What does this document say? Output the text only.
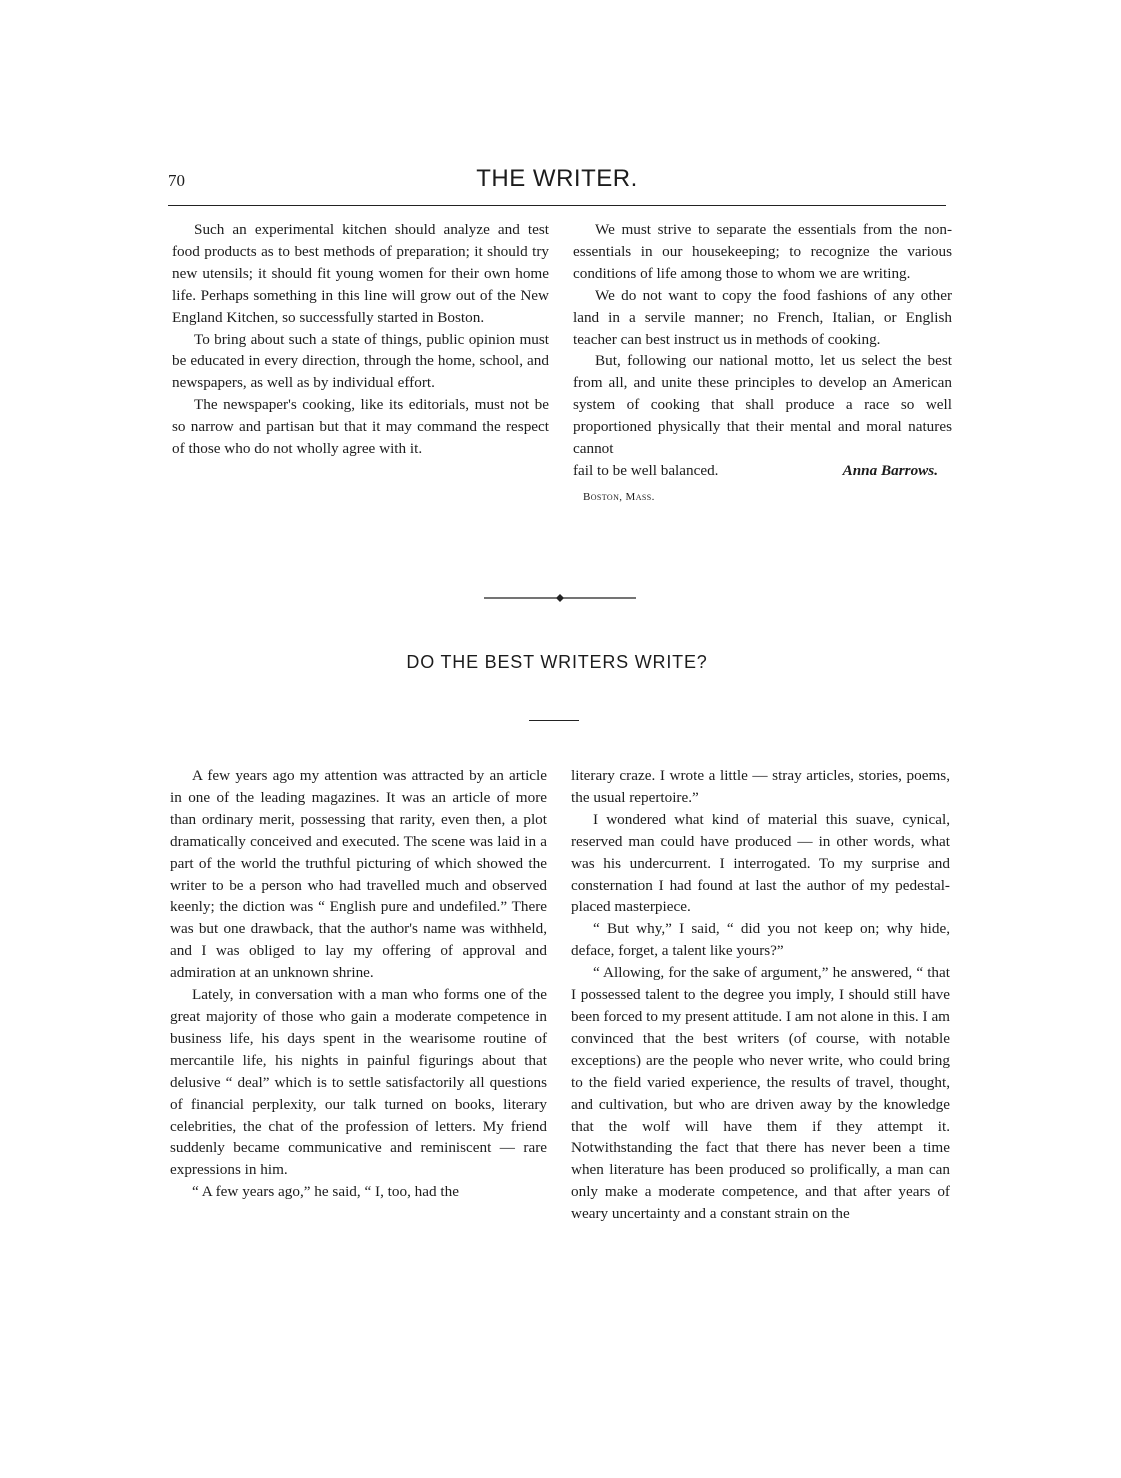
70	THE WRITER.

Such an experimental kitchen should analyze and test food products as to best methods of preparation; it should try new utensils; it should fit young women for their own home life. Perhaps something in this line will grow out of the New England Kitchen, so successfully started in Boston.

To bring about such a state of things, public opinion must be educated in every direction, through the home, school, and newspapers, as well as by individual effort.

The newspaper's cooking, like its editorials, must not be so narrow and partisan but that it may command the respect of those who do not wholly agree with it.

We must strive to separate the essentials from the non-essentials in our housekeeping; to recognize the various conditions of life among those to whom we are writing.

We do not want to copy the food fashions of any other land in a servile manner; no French, Italian, or English teacher can best instruct us in methods of cooking.

But, following our national motto, let us select the best from all, and unite these principles to develop an American system of cooking that shall produce a race so well proportioned physically that their mental and moral natures cannot

fail to be well balanced.	Anna Barrows.
Boston, Mass.
DO THE BEST WRITERS WRITE?

A few years ago my attention was attracted by an article in one of the leading magazines. It was an article of more than ordinary merit, possessing that rarity, even then, a plot dramatically conceived and executed. The scene was laid in a part of the world the truthful picturing of which showed the writer to be a person who had travelled much and observed keenly; the diction was “ English pure and undefiled.” There was but one drawback, that the author's name was withheld, and I was obliged to lay my offering of approval and admiration at an unknown shrine.

Lately, in conversation with a man who forms one of the great majority of those who gain a moderate competence in business life, his days spent in the wearisome routine of mercantile life, his nights in painful figurings about that delusive “ deal” which is to settle satisfactorily all questions of financial perplexity, our talk turned on books, literary celebrities, the chat of the profession of letters. My friend suddenly became communicative and reminiscent — rare expressions in him.

“ A few years ago,” he said, “ I, too, had the

literary craze. I wrote a little — stray articles, stories, poems, the usual repertoire.”

I wondered what kind of material this suave, cynical, reserved man could have produced — in other words, what was his undercurrent. I interrogated. To my surprise and consternation I had found at last the author of my pedestal-placed masterpiece.

“ But why,” I said, “ did you not keep on; why hide, deface, forget, a talent like yours?”

“ Allowing, for the sake of argument,” he answered, “ that I possessed talent to the degree you imply, I should still have been forced to my present attitude. I am not alone in this. I am convinced that the best writers (of course, with notable exceptions) are the people who never write, who could bring to the field varied experience, the results of travel, thought, and cultivation, but who are driven away by the knowledge that the wolf will have them if they attempt it. Notwithstanding the fact that there has never been a time when literature has been produced so prolifically, a man can only make a moderate competence, and that after years of weary uncertainty and a constant strain on the
